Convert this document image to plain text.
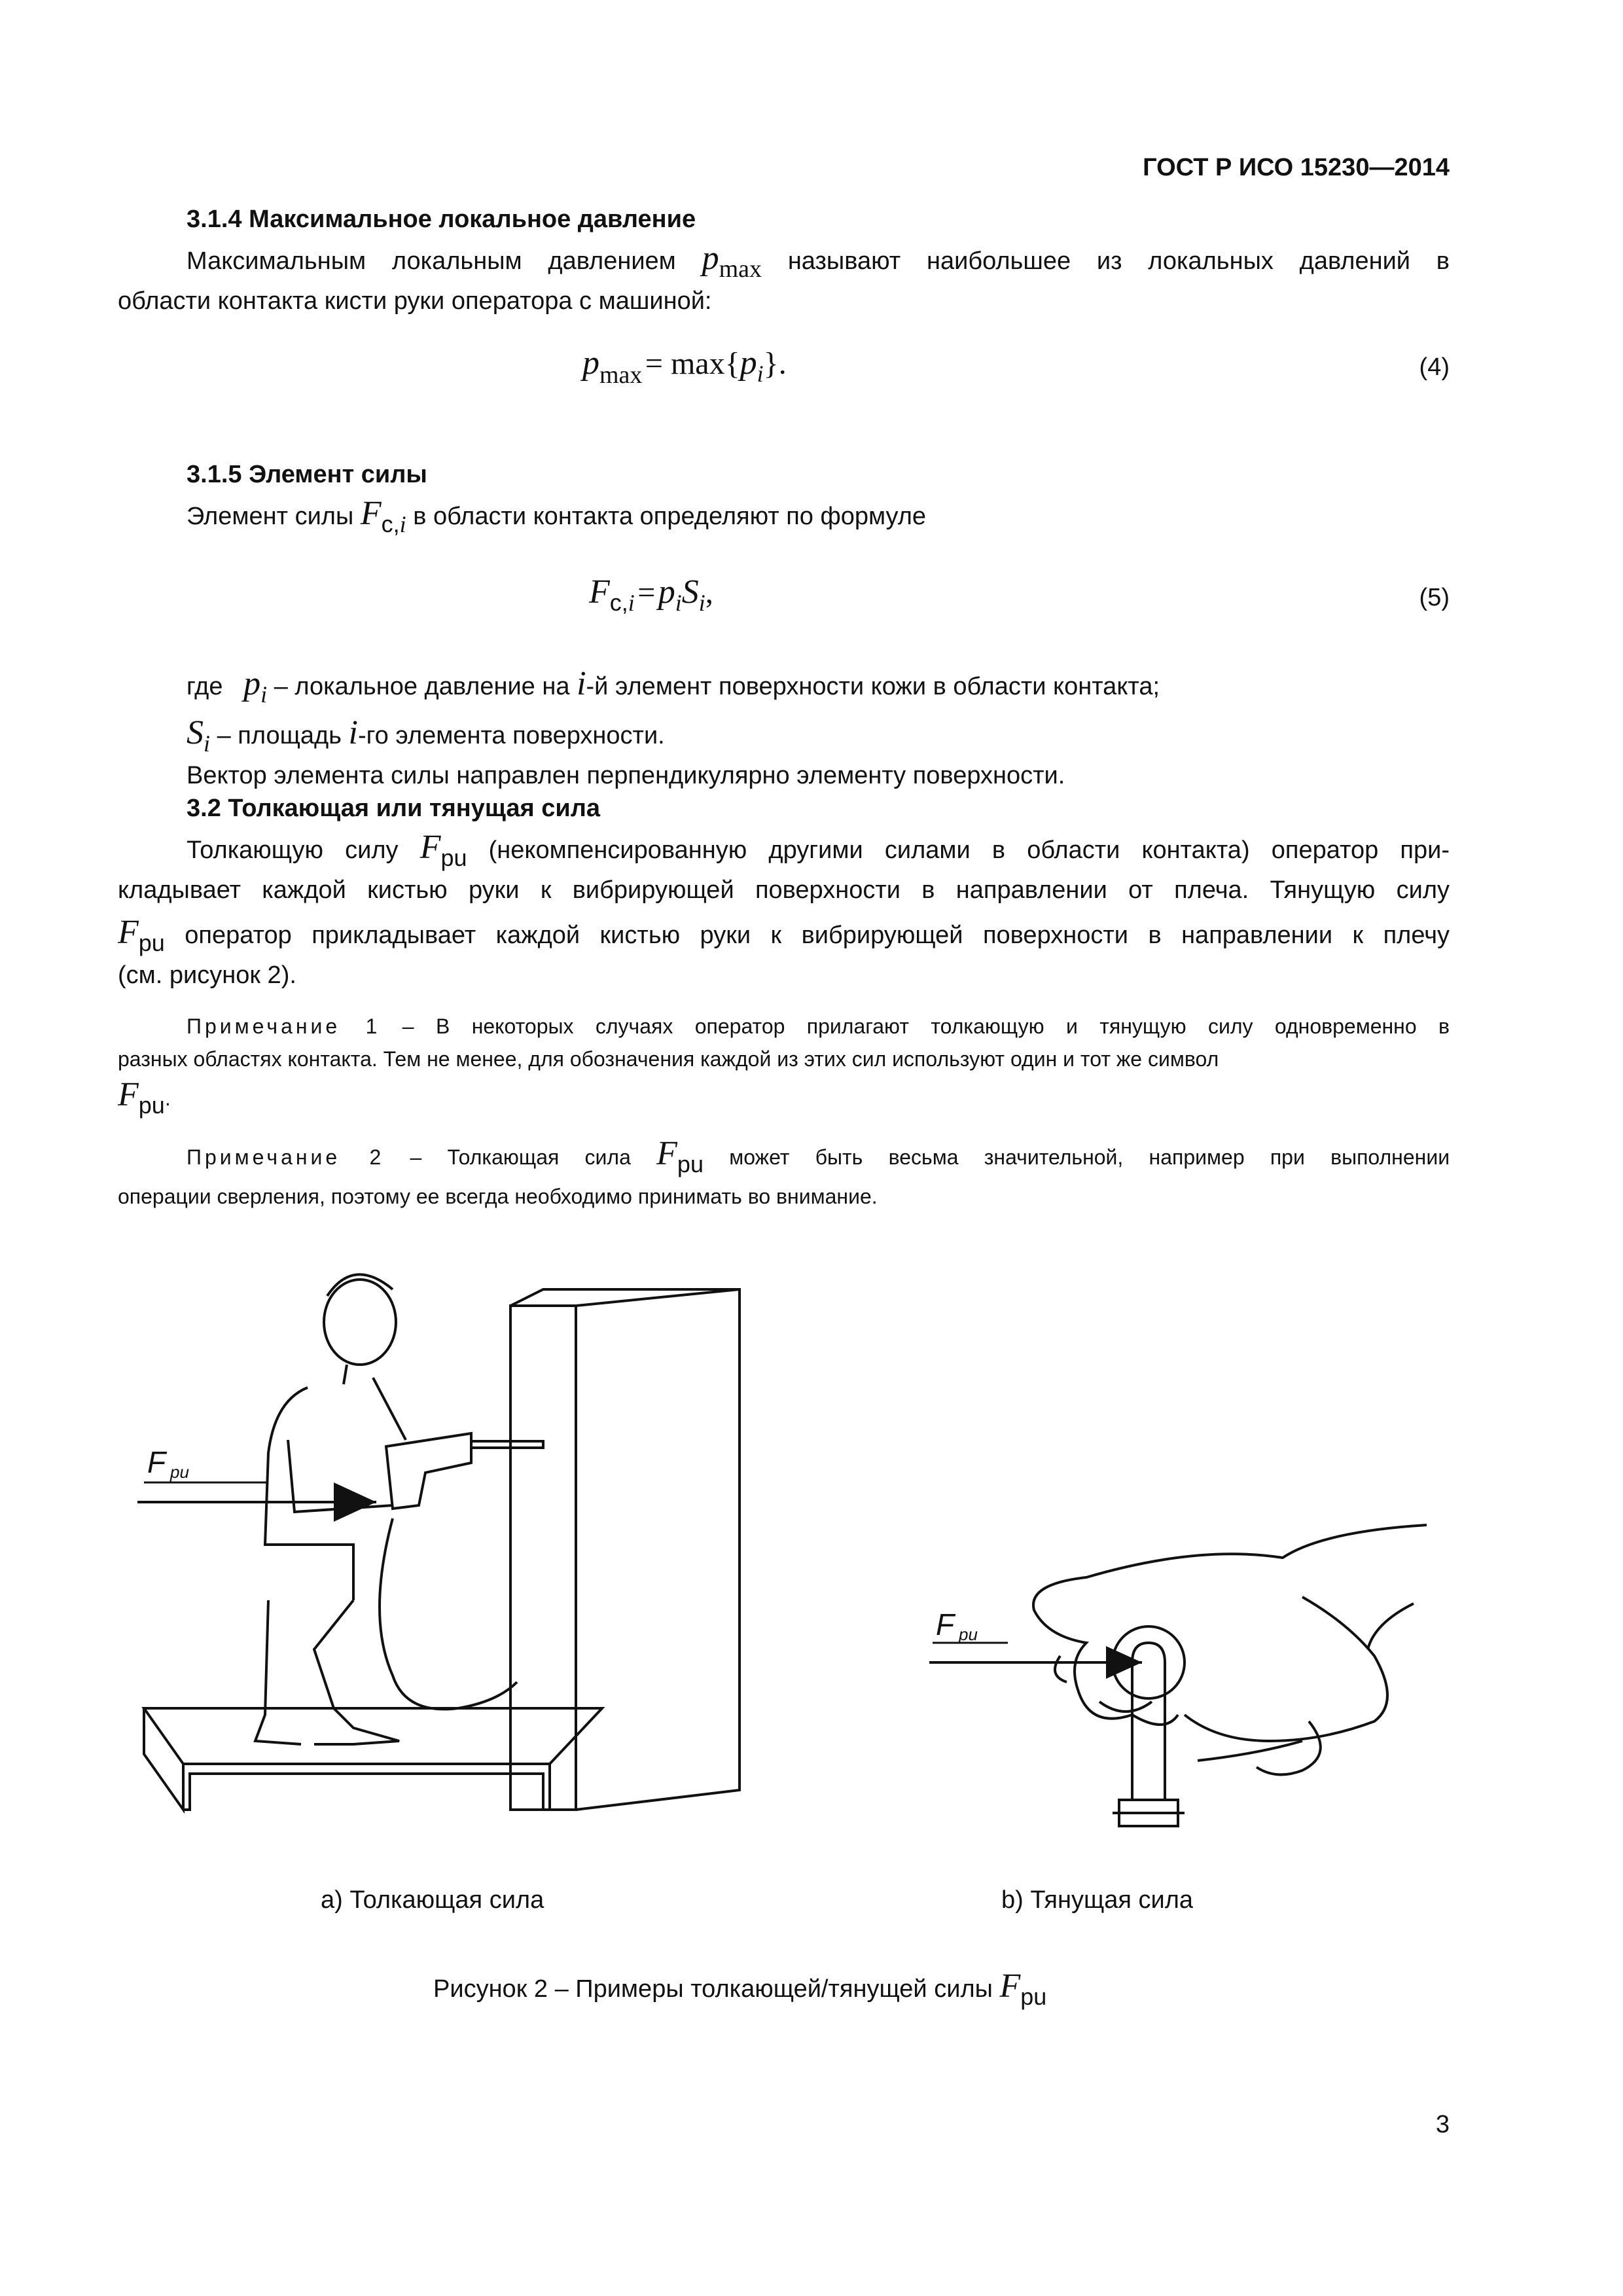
ГОСТ Р ИСО 15230—2014
3.1.4 Максимальное локальное давление
Максимальным локальным давлением $p_{max}$ называют наибольшее из локальных давлений в
области контакта кисти руки оператора с машиной:
pmax = max{pi}.	(4)
3.1.5 Элемент силы
Элемент силы Fc,i в области контакта определяют по формуле
Fc,i = piSi,	(5)
где pi – локальное давление на i-й элемент поверхности кожи в области контакта;
Si – площадь i-го элемента поверхности.
Вектор элемента силы направлен перпендикулярно элементу поверхности.
3.2 Толкающая или тянущая сила
Толкающую силу Fpu (некомпенсированную другими силами в области контакта) оператор при-
кладывает каждой кистью руки к вибрирующей поверхности в направлении от плеча. Тянущую силу
Fpu оператор прикладывает каждой кистью руки к вибрирующей поверхности в направлении к плечу
(см. рисунок 2).
Примечание 1 – В некоторых случаях оператор прилагают толкающую и тянущую силу одновременно в
разных областях контакта. Тем не менее, для обозначения каждой из этих сил используют один и тот же символ
Fpu.
Примечание 2 – Толкающая сила Fpu может быть весьма значительной, например при выполнении
операции сверления, поэтому ее всегда необходимо принимать во внимание.
F pu
F pu
а) Толкающая сила	b) Тянущая сила
Рисунок 2 – Примеры толкающей/тянущей силы Fpu
3
